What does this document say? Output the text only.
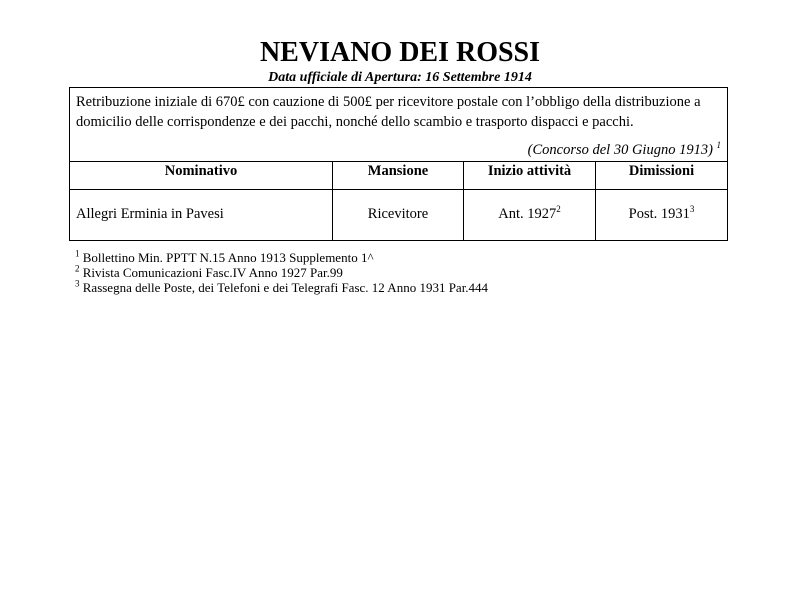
NEVIANO DEI ROSSI
Data ufficiale di Apertura: 16 Settembre 1914
Retribuzione iniziale di 670£ con cauzione di 500£ per ricevitore postale con l’obbligo della distribuzione a domicilio delle corrispondenze e dei pacchi, nonché dello scambio e trasporto dispacci e pacchi.
(Concorso del 30 Giugno 1913) $^1$

Nominativo	Mansione	Inizio attività	Dimissioni
Allegri Erminia in Pavesi	Ricevitore	Ant. 1927$^2$	Post. 1931$^3$
$^1$ Bollettino Min. PPTT N.15 Anno 1913 Supplemento 1^
$^2$ Rivista Comunicazioni Fasc.IV Anno 1927 Par.99
$^3$ Rassegna delle Poste, dei Telefoni e dei Telegrafi Fasc. 12 Anno 1931 Par.444
